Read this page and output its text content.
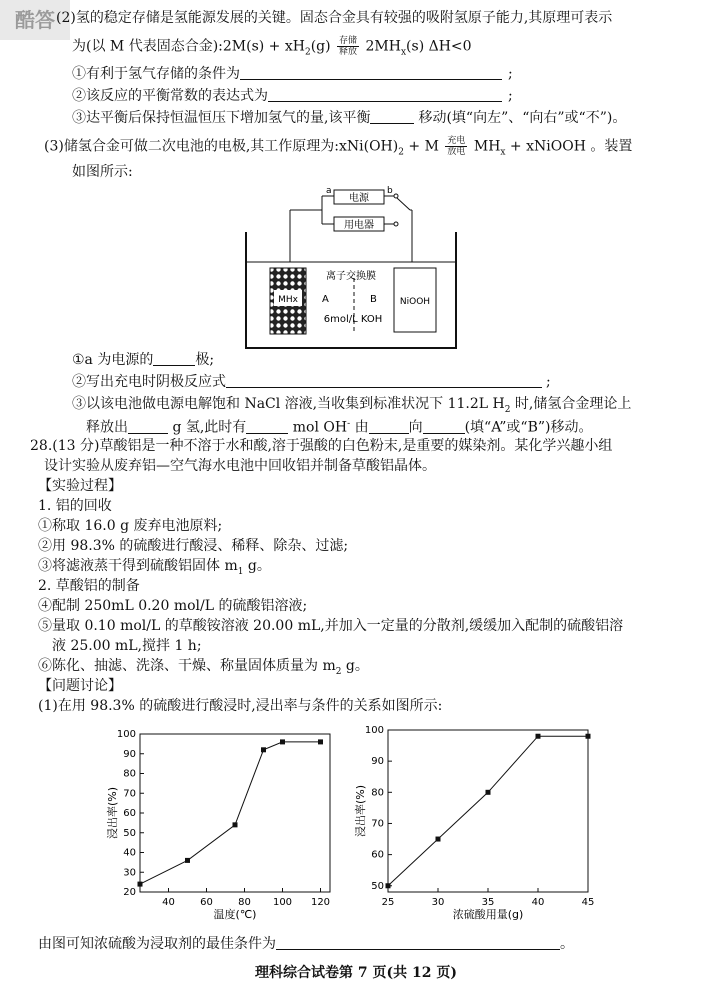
酷答 (2)氢的稳定存储是氢能源发展的关键。固态合金具有较强的吸附氢原子能力,其原理可表示
为(以 M 代表固态合金):2M(s) + $xH_2(g) \frac{\text{存储}}{\text{释放}} 2MH_x(s)$ ΔH<0
①有利于氢气存储的条件为	;
②该反应的平衡常数的表达式为	;
③达平衡后保持恒温恒压下增加氢气的量,该平衡	移动(填“向左”、“向右”或“不”)。
(3)储氢合金可做二次电池的电极,其工作原理为$:xNi(OH)_2 + M \frac{\text{充电}}{\text{放电}} MH_x$ + xNiOOH 。装置
如图所示:
电源
用电器
a	b
MHx
离子交换膜
A	B
6mol/L KOH
NiOOH
①a 为电源的	极;
②写出充电时阴极反应式	;
③以该电池做电源电解饱和 NaCl 溶液,当收集到标准状况下 11.2L $H_2$ 时,储氢合金理论上
释放出	g 氢,此时有	mol OH- 由	向	(填“A”或“B”)移动。
28.(13 分)草酸铝是一种不溶于水和酸,溶于强酸的白色粉末,是重要的媒染剂。某化学兴趣小组
设计实验从废弃铝—空气海水电池中回收铝并制备草酸铝晶体。
【实验过程】
1. 铝的回收
①称取 16.0 g 废弃电池原料;
②用 98.3% 的硫酸进行酸浸、稀释、除杂、过滤;
③将滤液蒸干得到硫酸铝固体 $m_1$ g。
2. 草酸铝的制备
④配制 250mL 0.20 mol/L 的硫酸铝溶液;
⑤量取 0.10 mol/L 的草酸铵溶液 20.00 mL,并加入一定量的分散剂,缓缓加入配制的硫酸铝溶
液 25.00 mL,搅拌 1 h;
⑥陈化、抽滤、洗涤、干燥、称量固体质量为 $m_2$ g。
【问题讨论】
(1)在用 98.3% 的硫酸进行酸浸时,浸出率与条件的关系如图所示:
20
30
40
50
60
70
80
90
100
40	60	80 100 120
温度(℃)
浸出率(%)
50
60
70
80
90
100
25	30	35	40	45
浓硫酸用量(g)
浸出率(%)
由图可知浓硫酸为浸取剂的最佳条件为	。
理科综合试卷第 7 页(共 12 页)
